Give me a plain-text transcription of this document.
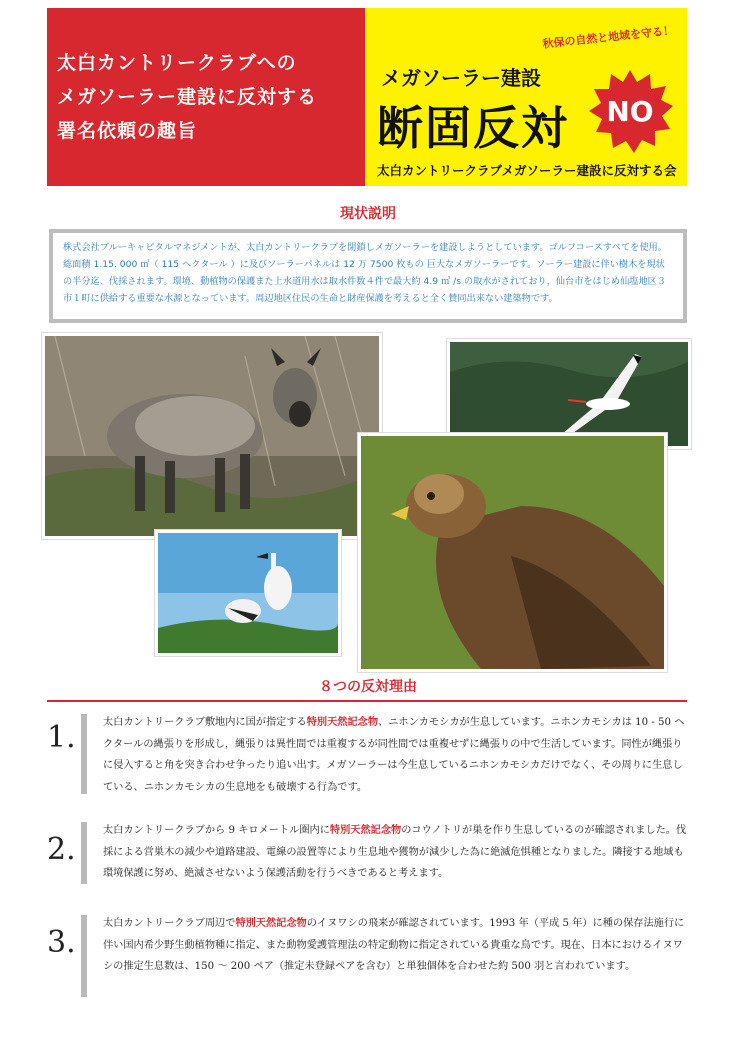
太白カントリークラブへの
メガソーラー建設に反対する
署名依頼の趣旨
秋保の自然と地域を守る！
メガソーラー建設
断固反対 NO
太白カントリークラブメガソーラー建設に反対する会
現状説明
株式会社ブルーキャピタルマネジメントが、太白カントリークラブを閉鎖しメガソーラーを建設しようとしています。ゴルフコースすべてを使用。総面積 1.15. 000 ㎡（ 115 ヘクタール ）に及びソーラーパネルは 12 万 7500 枚もの 巨大なメガソーラーです。ソーラー建設に伴い樹木を現状の半分迄、伐採されます。環境、動植物の保護また上水道用水は取水件数４件で最大約 4.9 ㎥ /s の取水がされており，仙台市をはじめ仙塩地区３市１町に供給する重要な水源となっています。周辺地区住民の生命と財産保護を考えると全く賛同出来ない建築物です。
８つの反対理由
1.	太白カントリークラブ敷地内に国が指定する特別天然記念物、ニホンカモシカが生息しています。ニホンカモシカは 10 - 50 ヘクタールの縄張りを形成し，縄張りは異性間では重複するが同性間では重複せずに縄張りの中で生活しています。同性が縄張りに侵入すると角を突き合わせ争ったり追い出す。メガソーラーは今生息しているニホンカモシカだけでなく、その周りに生息している、ニホンカモシカの生息地をも破壊する行為です。
2.
太白カントリークラブから 9 キロメートル圏内に特別天然記念物のコウノトリが巣を作り生息しているのが確認されました。伐採による営巣木の減少や道路建設、電線の設置等により生息地や獲物が減少した為に絶滅危惧種となりました。隣接する地域も環境保護に努め、絶滅させないよう保護活動を行うべきであると考えます。
3.
太白カントリークラブ周辺で特別天然記念物のイヌワシの飛来が確認されています。1993 年（平成 5 年）に種の保存法施行に伴い国内希少野生動植物種に指定、また動物愛護管理法の特定動物に指定されている貴重な鳥です。現在、日本におけるイヌワシの推定生息数は、150 ～ 200 ペア（推定未登録ペアを含む）と単独個体を合わせた約 500 羽と言われています。
